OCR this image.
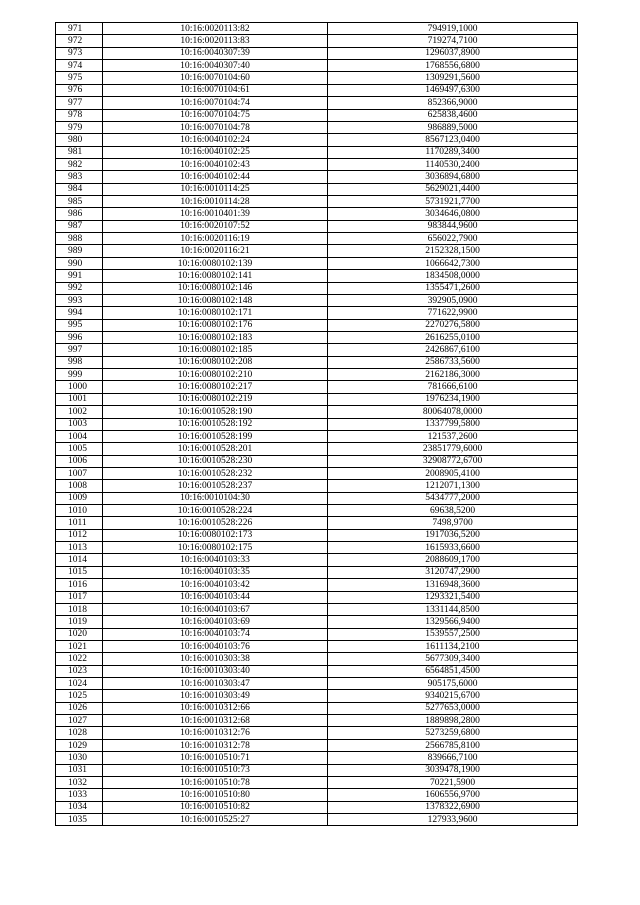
971	10:16:0020113:82	794919,1000
972	10:16:0020113:83	719274,7100
973	10:16:0040307:39	1296037,8900
974	10:16:0040307:40	1768556,6800
975	10:16:0070104:60	1309291,5600
976	10:16:0070104:61	1469497,6300
977	10:16:0070104:74	852366,9000
978	10:16:0070104:75	625838,4600
979	10:16:0070104:78	986889,5000
980	10:16:0040102:24	8567123,0400
981	10:16:0040102:25	1170289,3400
982	10:16:0040102:43	1140530,2400
983	10:16:0040102:44	3036894,6800
984	10:16:0010114:25	5629021,4400
985	10:16:0010114:28	5731921,7700
986	10:16:0010401:39	3034646,0800
987	10:16:0020107:52	983844,9600
988	10:16:0020116:19	656022,7900
989	10:16:0020116:21	2152328,1500
990	10:16:0080102:139	1066642,7300
991	10:16:0080102:141	1834508,0000
992	10:16:0080102:146	1355471,2600
993	10:16:0080102:148	392905,0900
994	10:16:0080102:171	771622,9900
995	10:16:0080102:176	2270276,5800
996	10:16:0080102:183	2616255,0100
997	10:16:0080102:185	2426867,6100
998	10:16:0080102:208	2586733,5600
999	10:16:0080102:210	2162186,3000
1000	10:16:0080102:217	781666,6100
1001	10:16:0080102:219	1976234,1900
1002	10:16:0010528:190	80064078,0000
1003	10:16:0010528:192	1337799,5800
1004	10:16:0010528:199	121537,2600
1005	10:16:0010528:201	23851779,6000
1006	10:16:0010528:230	32908772,6700
1007	10:16:0010528:232	2008905,4100
1008	10:16:0010528:237	1212071,1300
1009	10:16:0010104:30	5434777,2000
1010	10:16:0010528:224	69638,5200
1011	10:16:0010528:226	7498,9700
1012	10:16:0080102:173	1917036,5200
1013	10:16:0080102:175	1615933,6600
1014	10:16:0040103:33	2088609,1700
1015	10:16:0040103:35	3120747,2900
1016	10:16:0040103:42	1316948,3600
1017	10:16:0040103:44	1293321,5400
1018	10:16:0040103:67	1331144,8500
1019	10:16:0040103:69	1329566,9400
1020	10:16:0040103:74	1539557,2500
1021	10:16:0040103:76	1611134,2100
1022	10:16:0010303:38	5677309,3400
1023	10:16:0010303:40	6564851,4500
1024	10:16:0010303:47	905175,6000
1025	10:16:0010303:49	9340215,6700
1026	10:16:0010312:66	5277653,0000
1027	10:16:0010312:68	1889898,2800
1028	10:16:0010312:76	5273259,6800
1029	10:16:0010312:78	2566785,8100
1030	10:16:0010510:71	839666,7100
1031	10:16:0010510:73	3039478,1900
1032	10:16:0010510:78	70221,5900
1033	10:16:0010510:80	1606556,9700
1034	10:16:0010510:82	1378322,6900
1035	10:16:0010525:27	127933,9600
